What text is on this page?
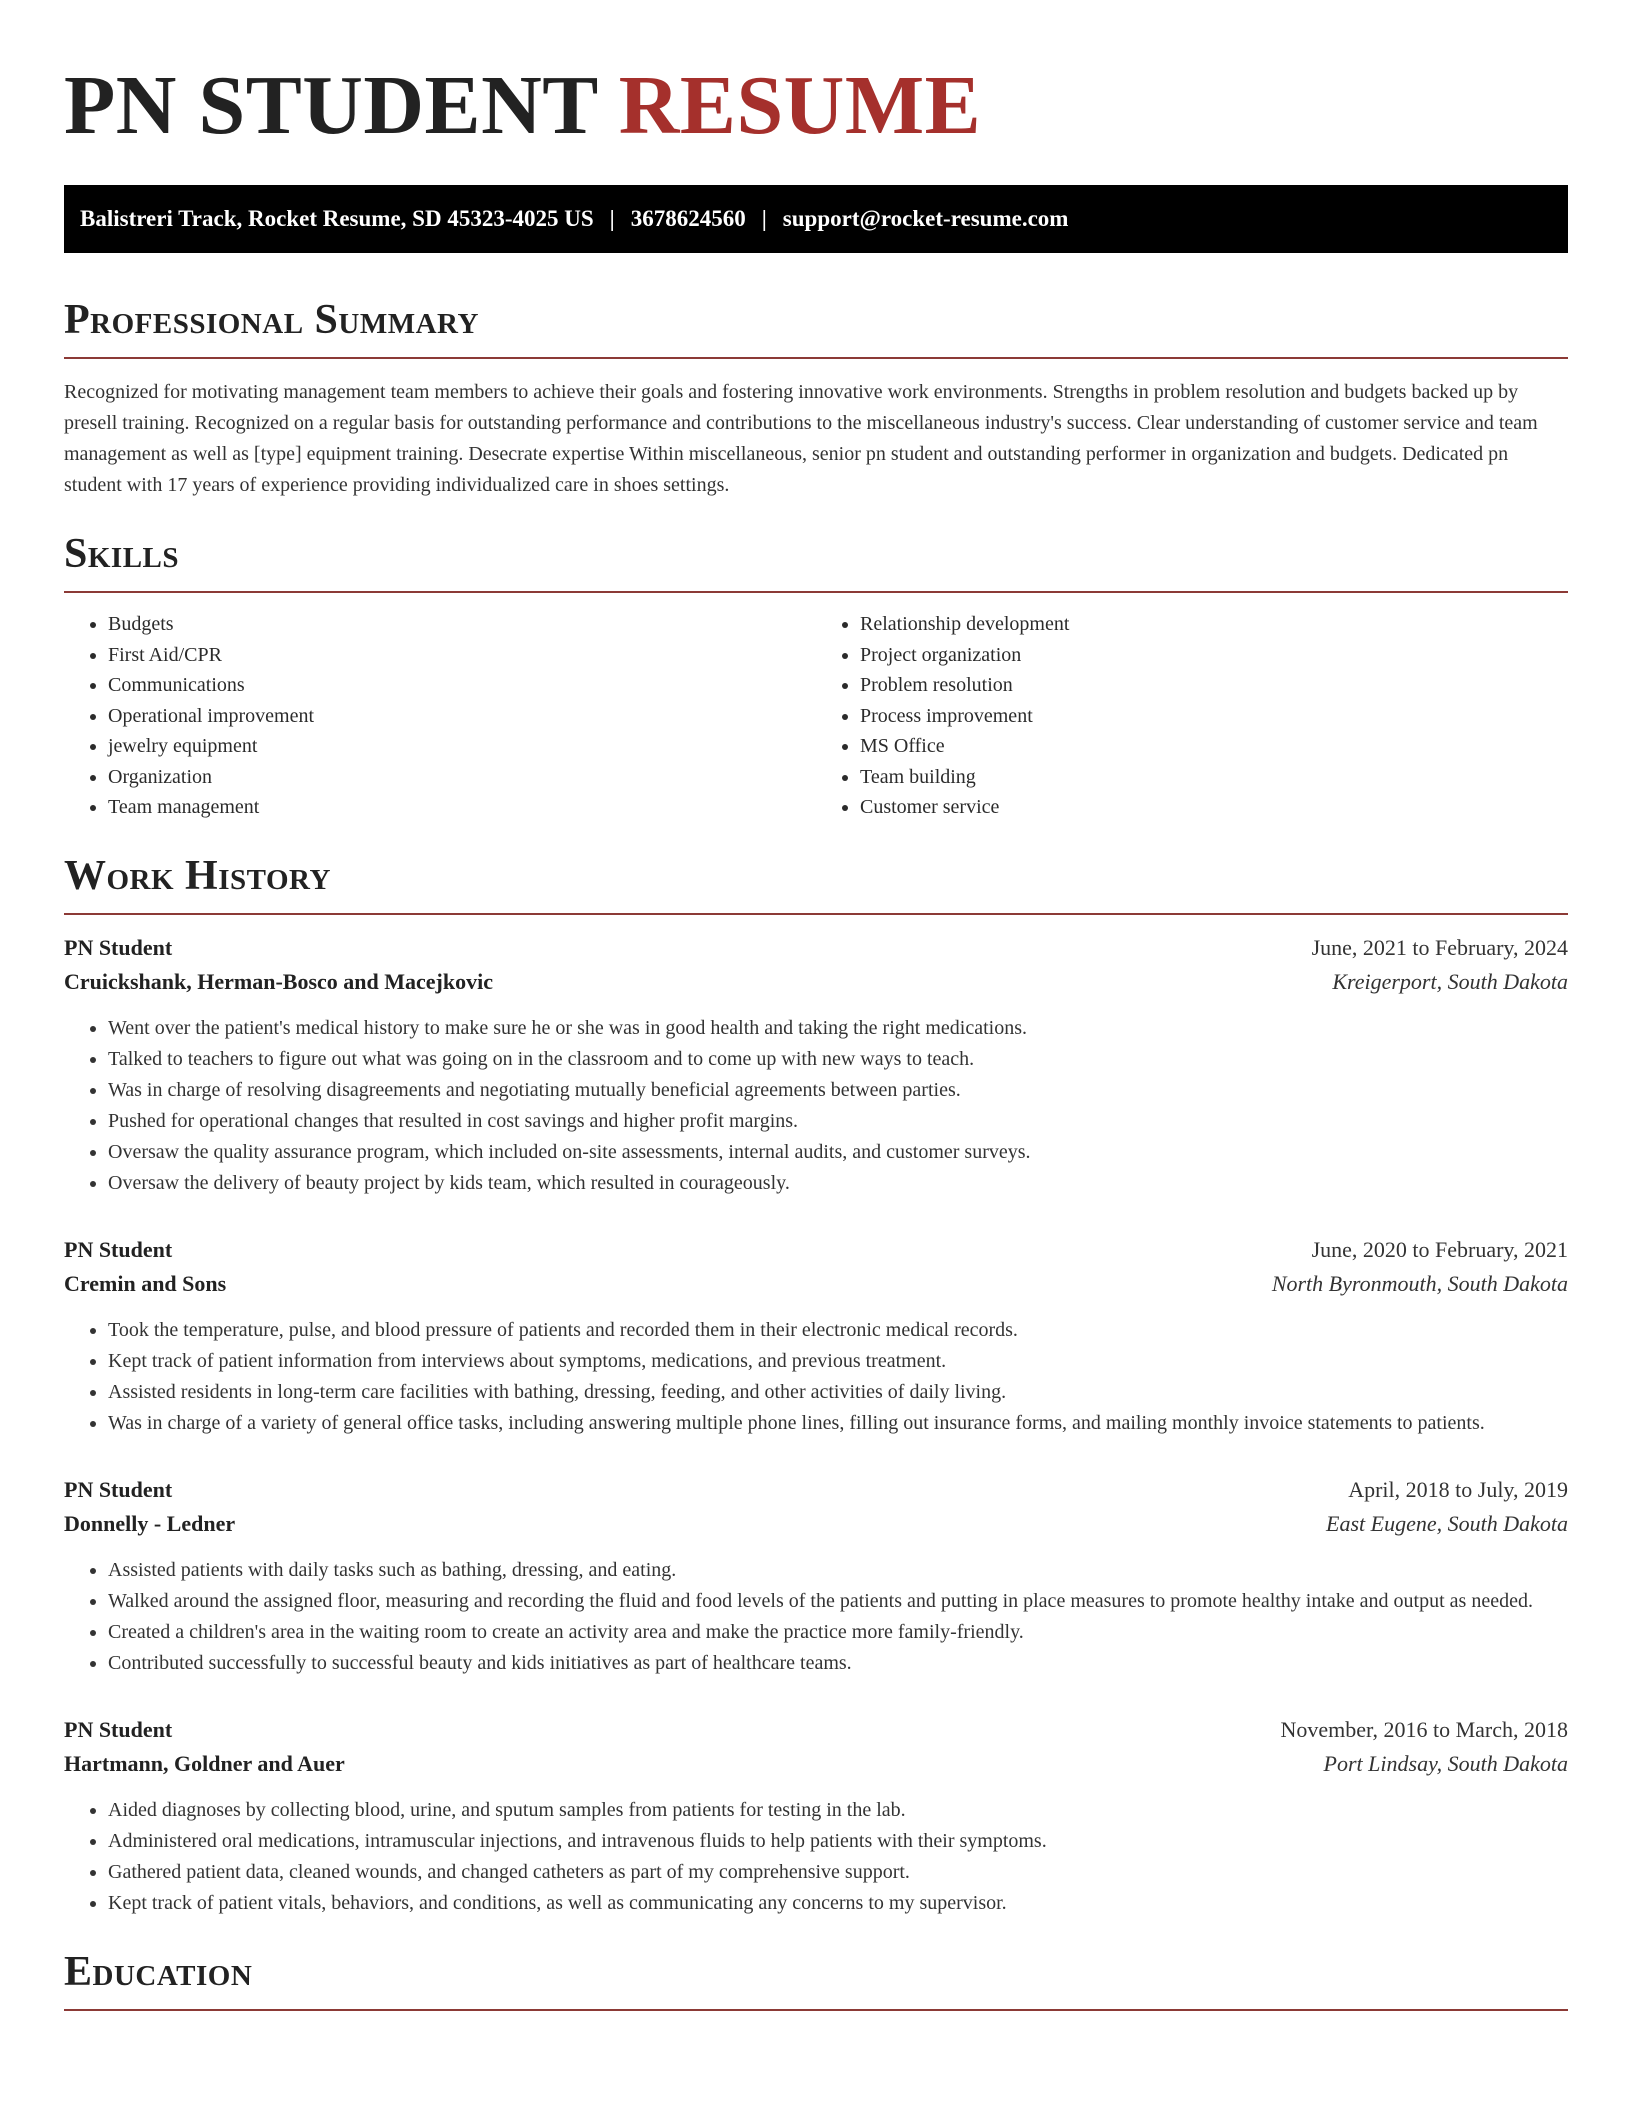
PN STUDENT RESUME
Balistreri Track, Rocket Resume, SD 45323-4025 US | 3678624560 | support@rocket-resume.com
Professional Summary

Recognized for motivating management team members to achieve their goals and fostering innovative work environments. Strengths in problem resolution and budgets backed up by presell training. Recognized on a regular basis for outstanding performance and contributions to the miscellaneous industry's success. Clear understanding of customer service and team management as well as [type] equipment training. Desecrate expertise Within miscellaneous, senior pn student and outstanding performer in organization and budgets. Dedicated pn student with 17 years of experience providing individualized care in shoes settings.

Skills
• Budgets
• First Aid/CPR
• Communications
• Operational improvement
• jewelry equipment
• Organization
• Team management
• Relationship development
• Project organization
• Problem resolution
• Process improvement
• MS Office
• Team building
• Customer service
Work History
PN Student	June, 2021 to February, 2024
Cruickshank, Herman-Bosco and Macejkovic	Kreigerport, South Dakota
• Went over the patient's medical history to make sure he or she was in good health and taking the right medications.
• Talked to teachers to figure out what was going on in the classroom and to come up with new ways to teach.
• Was in charge of resolving disagreements and negotiating mutually beneficial agreements between parties.
• Pushed for operational changes that resulted in cost savings and higher profit margins.
• Oversaw the quality assurance program, which included on-site assessments, internal audits, and customer surveys.
• Oversaw the delivery of beauty project by kids team, which resulted in courageously.
PN Student	June, 2020 to February, 2021
Cremin and Sons	North Byronmouth, South Dakota
• Took the temperature, pulse, and blood pressure of patients and recorded them in their electronic medical records.
• Kept track of patient information from interviews about symptoms, medications, and previous treatment.
• Assisted residents in long-term care facilities with bathing, dressing, feeding, and other activities of daily living.
• Was in charge of a variety of general office tasks, including answering multiple phone lines, filling out insurance forms, and mailing monthly invoice statements to patients.
PN Student	April, 2018 to July, 2019
Donnelly - Ledner	East Eugene, South Dakota
• Assisted patients with daily tasks such as bathing, dressing, and eating.
• Walked around the assigned floor, measuring and recording the fluid and food levels of the patients and putting in place measures to promote healthy intake and output as needed.
• Created a children's area in the waiting room to create an activity area and make the practice more family-friendly.
• Contributed successfully to successful beauty and kids initiatives as part of healthcare teams.
PN Student	November, 2016 to March, 2018
Hartmann, Goldner and Auer	Port Lindsay, South Dakota
• Aided diagnoses by collecting blood, urine, and sputum samples from patients for testing in the lab.
• Administered oral medications, intramuscular injections, and intravenous fluids to help patients with their symptoms.
• Gathered patient data, cleaned wounds, and changed catheters as part of my comprehensive support.
• Kept track of patient vitals, behaviors, and conditions, as well as communicating any concerns to my supervisor.
Education
